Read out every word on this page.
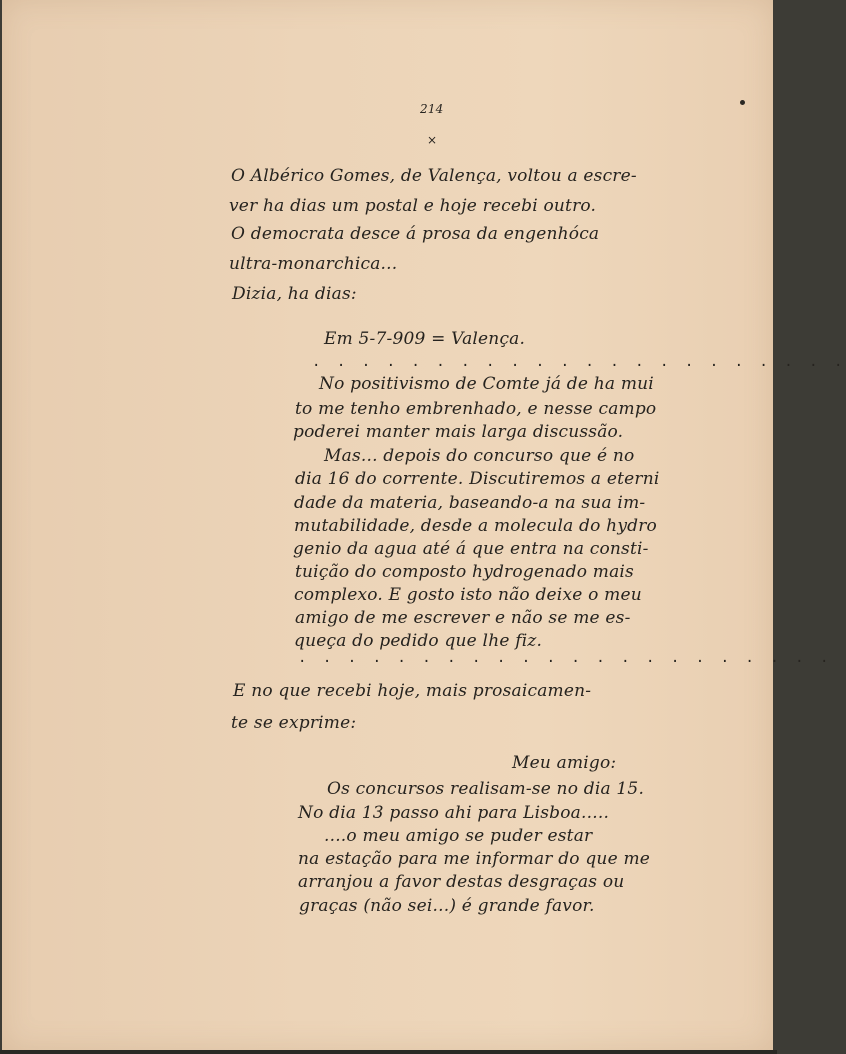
214
×
O Albérico Gomes, de Valença, voltou a escre-
ver ha dias um postal e hoje recebi outro.
O democrata desce á prosa da engenhóca
ultra-monarchica...
Dizia, ha dias:
Em 5-7-909 = Valença.
. . . . . . . . . . . . . . . . . . . . . .
No positivismo de Comte já de ha mui
to me tenho embrenhado, e nesse campo
poderei manter mais larga discussão.
Mas... depois do concurso que é no
dia 16 do corrente. Discutiremos a eterni
dade da materia, baseando-a na sua im-
mutabilidade, desde a molecula do hydro
genio da agua até á que entra na consti-
tuição do composto hydrogenado mais
complexo. E gosto isto não deixe o meu
amigo de me escrever e não se me es-
queça do pedido que lhe fiz.
. . . . . . . . . . . . . . . . . . . . . .
E no que recebi hoje, mais prosaicamen-
te se exprime:
Meu amigo:
Os concursos realisam-se no dia 15.
No dia 13 passo ahi para Lisboa.....
....o meu amigo se puder estar
na estação para me informar do que me
arranjou a favor destas desgraças ou
graças (não sei...) é grande favor.
